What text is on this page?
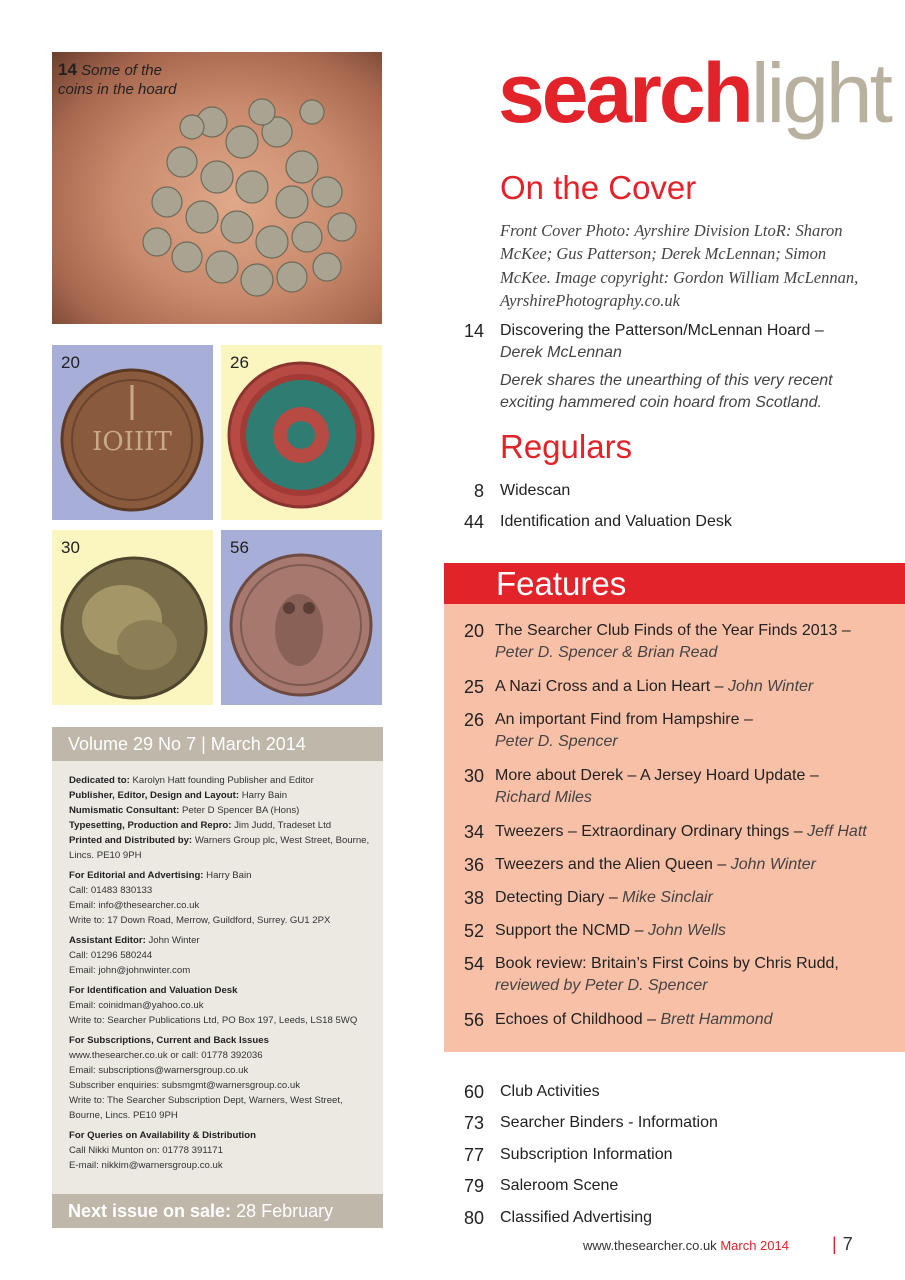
14 Some of the coins in the hoard
IOIIIT
20	26
30	56
Volume 29 No 7 | March 2014

Dedicated to: Karolyn Hatt founding Publisher and Editor
Publisher, Editor, Design and Layout: Harry Bain
Numismatic Consultant: Peter D Spencer BA (Hons)
Typesetting, Production and Repro: Jim Judd, Tradeset Ltd
Printed and Distributed by: Warners Group plc, West Street, Bourne, Lincs. PE10 9PH

For Editorial and Advertising: Harry Bain
Call: 01483 830133
Email: info@thesearcher.co.uk
Write to: 17 Down Road, Merrow, Guildford, Surrey. GU1 2PX

Assistant Editor: John Winter
Call: 01296 580244
Email: john@johnwinter.com

For Identification and Valuation Desk
Email: coinidman@yahoo.co.uk
Write to: Searcher Publications Ltd, PO Box 197, Leeds, LS18 5WQ

For Subscriptions, Current and Back Issues
www.thesearcher.co.uk or call: 01778 392036
Email: subscriptions@warnersgroup.co.uk
Subscriber enquiries: subsmgmt@warnersgroup.co.uk
Write to: The Searcher Subscription Dept, Warners, West Street, Bourne, Lincs. PE10 9PH

For Queries on Availability & Distribution
Call Nikki Munton on: 01778 391171
E-mail: nikkim@warnersgroup.co.uk

Next issue on sale: 28 February
searchlight
On the Cover
Front Cover Photo: Ayrshire Division LtoR: Sharon McKee; Gus Patterson; Derek McLennan; Simon McKee. Image copyright: Gordon William McLennan, AyrshirePhotography.co.uk
14 Discovering the Patterson/McLennan Hoard –
Derek McLennan
Derek shares the unearthing of this very recent exciting hammered coin hoard from Scotland.
Regulars
8 Widescan
44 Identification and Valuation Desk
Features
20 The Searcher Club Finds of the Year Finds 2013 –
Peter D. Spencer & Brian Read
25 A Nazi Cross and a Lion Heart – John Winter
26 An important Find from Hampshire –
Peter D. Spencer
30 More about Derek – A Jersey Hoard Update –
Richard Miles
34 Tweezers – Extraordinary Ordinary things – Jeff Hatt
36 Tweezers and the Alien Queen – John Winter
38 Detecting Diary – Mike Sinclair
52 Support the NCMD – John Wells
54 Book review: Britain’s First Coins by Chris Rudd,
reviewed by Peter D. Spencer
56 Echoes of Childhood – Brett Hammond
60 Club Activities
73 Searcher Binders - Information
77 Subscription Information
79 Saleroom Scene
80 Classified Advertising
www.thesearcher.co.uk March 2014 | 7
